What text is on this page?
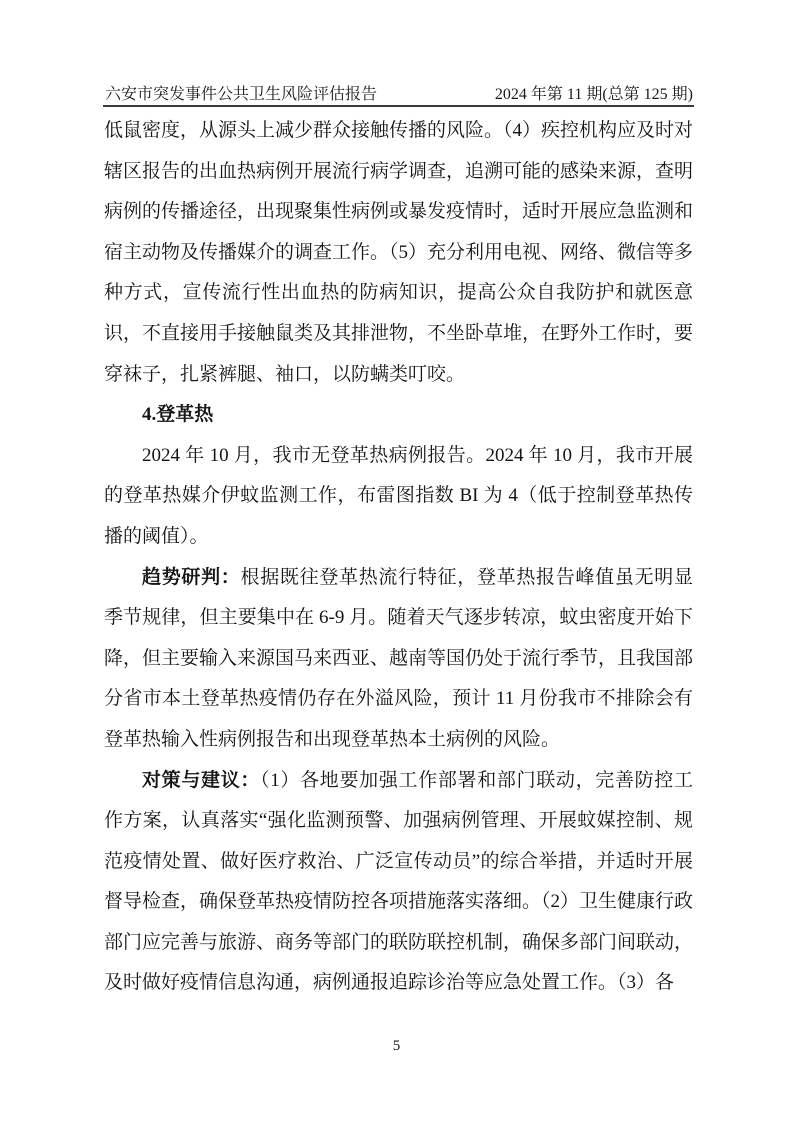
六安市突发事件公共卫生风险评估报告	2024 年第 11 期(总第 125 期)

低鼠密度，从源头上减少群众接触传播的风险。（4）疾控机构应及时对辖区报告的出血热病例开展流行病学调查，追溯可能的感染来源，查明病例的传播途径，出现聚集性病例或暴发疫情时，适时开展应急监测和宿主动物及传播媒介的调查工作。（5）充分利用电视、网络、微信等多种方式，宣传流行性出血热的防病知识，提高公众自我防护和就医意识，不直接用手接触鼠类及其排泄物，不坐卧草堆，在野外工作时，要穿袜子，扎紧裤腿、袖口，以防螨类叮咬。

4.登革热

2024 年 10 月，我市无登革热病例报告。2024 年 10 月，我市开展的登革热媒介伊蚊监测工作，布雷图指数 BI 为 4（低于控制登革热传播的阈值）。

趋势研判：根据既往登革热流行特征，登革热报告峰值虽无明显季节规律，但主要集中在 6-9 月。随着天气逐步转凉，蚊虫密度开始下降，但主要输入来源国马来西亚、越南等国仍处于流行季节，且我国部分省市本土登革热疫情仍存在外溢风险，预计 11 月份我市不排除会有登革热输入性病例报告和出现登革热本土病例的风险。

对策与建议：（1）各地要加强工作部署和部门联动，完善防控工作方案，认真落实“强化监测预警、加强病例管理、开展蚊媒控制、规范疫情处置、做好医疗救治、广泛宣传动员”的综合举措，并适时开展督导检查，确保登革热疫情防控各项措施落实落细。（2）卫生健康行政部门应完善与旅游、商务等部门的联防联控机制，确保多部门间联动，及时做好疫情信息沟通，病例通报追踪诊治等应急处置工作。（3）各

5
